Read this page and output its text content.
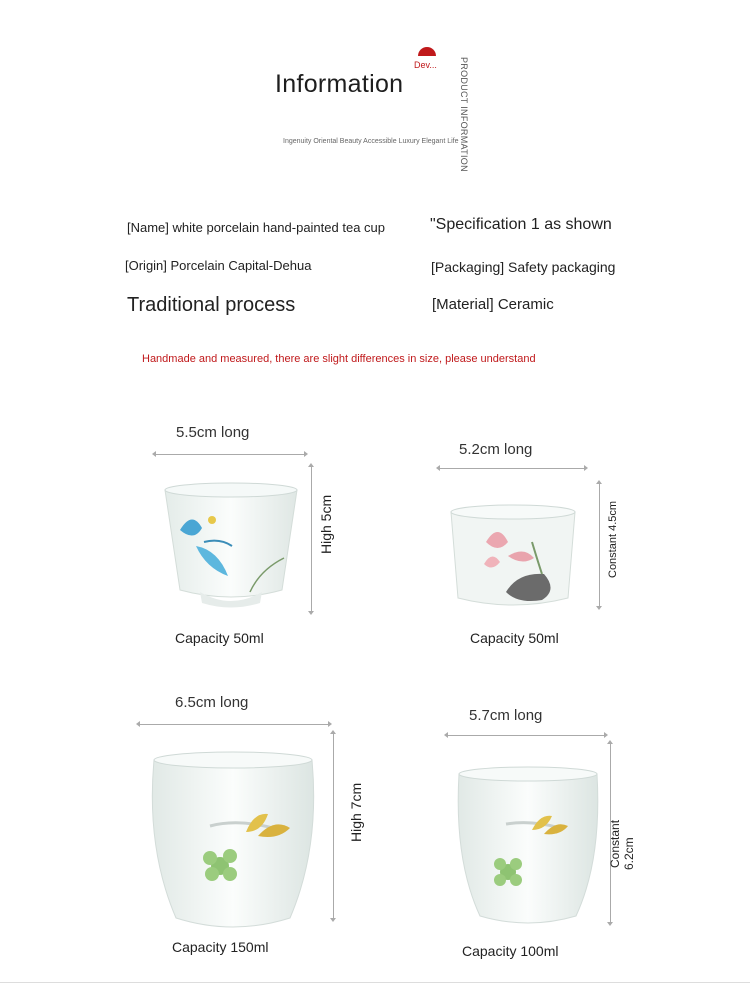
Information
Dev...	PRODUCT INFORMATION
Ingenuity Oriental Beauty Accessible Luxury Elegant Life
[Name] white porcelain hand-painted tea cup	"Specification 1 as shown
[Origin] Porcelain Capital-Dehua	[Packaging] Safety packaging
Traditional process	[Material] Ceramic
Handmade and measured, there are slight differences in size, please understand
5.5cm long
High 5cm
Capacity 50ml
5.2cm long
Constant 4.5cm
Capacity 50ml
6.5cm long
High 7cm
Capacity 150ml
5.7cm long
Constant 6.2cm
Capacity 100ml
